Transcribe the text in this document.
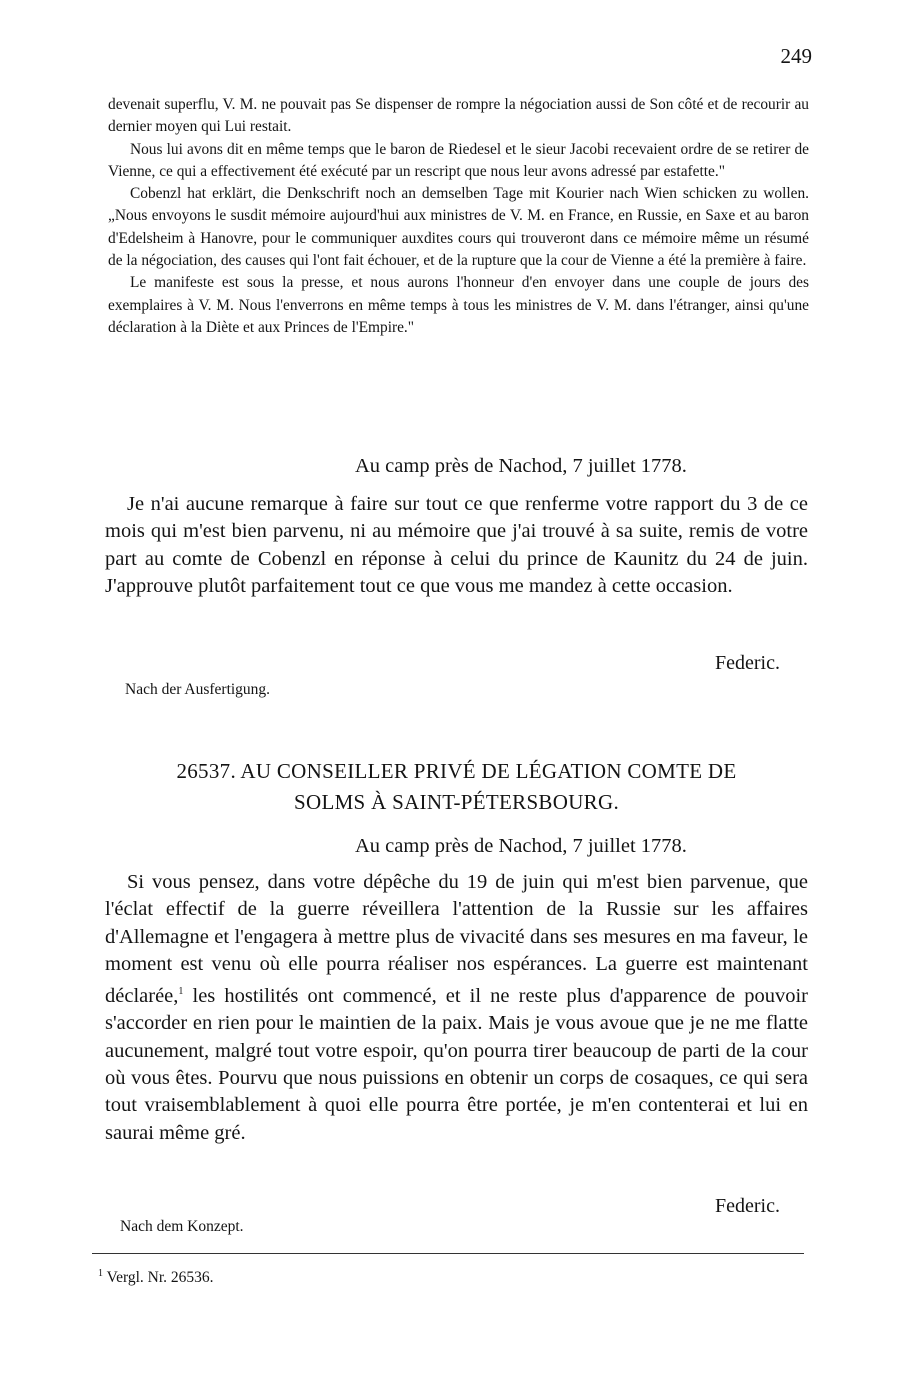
249

devenait superflu, V. M. ne pouvait pas Se dispenser de rompre la négociation aussi de Son côté et de recourir au dernier moyen qui Lui restait.

Nous lui avons dit en même temps que le baron de Riedesel et le sieur Jacobi recevaient ordre de se retirer de Vienne, ce qui a effectivement été exécuté par un rescript que nous leur avons adressé par estafette."

Cobenzl hat erklärt, die Denkschrift noch an demselben Tage mit Kourier nach Wien schicken zu wollen. „Nous envoyons le susdit mémoire aujourd'hui aux ministres de V. M. en France, en Russie, en Saxe et au baron d'Edelsheim à Hanovre, pour le communiquer auxdites cours qui trouveront dans ce mémoire même un résumé de la négociation, des causes qui l'ont fait échouer, et de la rupture que la cour de Vienne a été la première à faire.

Le manifeste est sous la presse, et nous aurons l'honneur d'en envoyer dans une couple de jours des exemplaires à V. M. Nous l'enverrons en même temps à tous les ministres de V. M. dans l'étranger, ainsi qu'une déclaration à la Diète et aux Princes de l'Empire."

Au camp près de Nachod, 7 juillet 1778.

Je n'ai aucune remarque à faire sur tout ce que renferme votre rapport du 3 de ce mois qui m'est bien parvenu, ni au mémoire que j'ai trouvé à sa suite, remis de votre part au comte de Cobenzl en réponse à celui du prince de Kaunitz du 24 de juin. J'approuve plutôt parfaitement tout ce que vous me mandez à cette occasion.

Federic.
Nach der Ausfertigung.
26537. AU CONSEILLER PRIVÉ DE LÉGATION COMTE DE
SOLMS À SAINT-PÉTERSBOURG.
Au camp près de Nachod, 7 juillet 1778.

Si vous pensez, dans votre dépêche du 19 de juin qui m'est bien parvenue, que l'éclat effectif de la guerre réveillera l'attention de la Russie sur les affaires d'Allemagne et l'engagera à mettre plus de vivacité dans ses mesures en ma faveur, le moment est venu où elle pourra réaliser nos espérances. La guerre est maintenant déclarée,$^1$ les hostilités ont commencé, et il ne reste plus d'apparence de pouvoir s'accorder en rien pour le maintien de la paix. Mais je vous avoue que je ne me flatte aucunement, malgré tout votre espoir, qu'on pourra tirer beaucoup de parti de la cour où vous êtes. Pourvu que nous puissions en obtenir un corps de cosaques, ce qui sera tout vraisemblablement à quoi elle pourra être portée, je m'en contenterai et lui en saurai même gré.

Federic.
Nach dem Konzept.
$^1$ Vergl. Nr. 26536.
